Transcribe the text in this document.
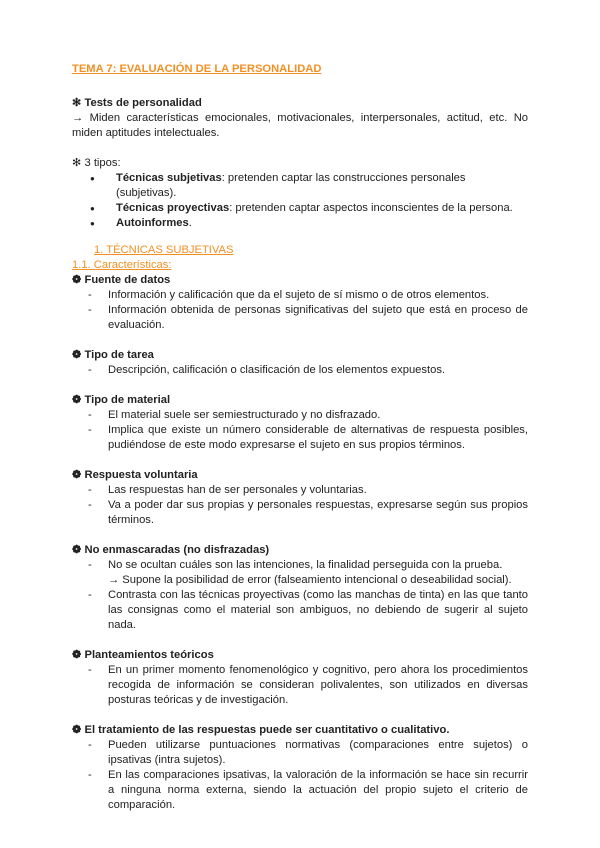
TEMA 7: EVALUACIÓN DE LA PERSONALIDAD

✻ Tests de personalidad

→ Miden características emocionales, motivacionales, interpersonales, actitud, etc. No miden aptitudes intelectuales.

✻ 3 tipos:

● Técnicas subjetivas: pretenden captar las construcciones personales (subjetivas).
● Técnicas proyectivas: pretenden captar aspectos inconscientes de la persona.
● Autoinformes.

1. TÉCNICAS SUBJETIVAS

1.1. Características:

❁ Fuente de datos

- Información y calificación que da el sujeto de sí mismo o de otros elementos.
- Información obtenida de personas significativas del sujeto que está en proceso de evaluación.

❁ Tipo de tarea

- Descripción, calificación o clasificación de los elementos expuestos.

❁ Tipo de material

- El material suele ser semiestructurado y no disfrazado.
- Implica que existe un número considerable de alternativas de respuesta posibles, pudiéndose de este modo expresarse el sujeto en sus propios términos.

❁ Respuesta voluntaria

- Las respuestas han de ser personales y voluntarias.
- Va a poder dar sus propias y personales respuestas, expresarse según sus propios términos.

❁ No enmascaradas (no disfrazadas)

- No se ocultan cuáles son las intenciones, la finalidad perseguida con la prueba.
→ Supone la posibilidad de error (falseamiento intencional o deseabilidad social).
- Contrasta con las técnicas proyectivas (como las manchas de tinta) en las que tanto las consignas como el material son ambiguos, no debiendo de sugerir al sujeto nada.

❁ Planteamientos teóricos

- En un primer momento fenomenológico y cognitivo, pero ahora los procedimientos recogida de información se consideran polivalentes, son utilizados en diversas posturas teóricas y de investigación.

❁ El tratamiento de las respuestas puede ser cuantitativo o cualitativo.

- Pueden utilizarse puntuaciones normativas (comparaciones entre sujetos) o ipsativas (intra sujetos).
- En las comparaciones ipsativas, la valoración de la información se hace sin recurrir a ninguna norma externa, siendo la actuación del propio sujeto el criterio de comparación.
